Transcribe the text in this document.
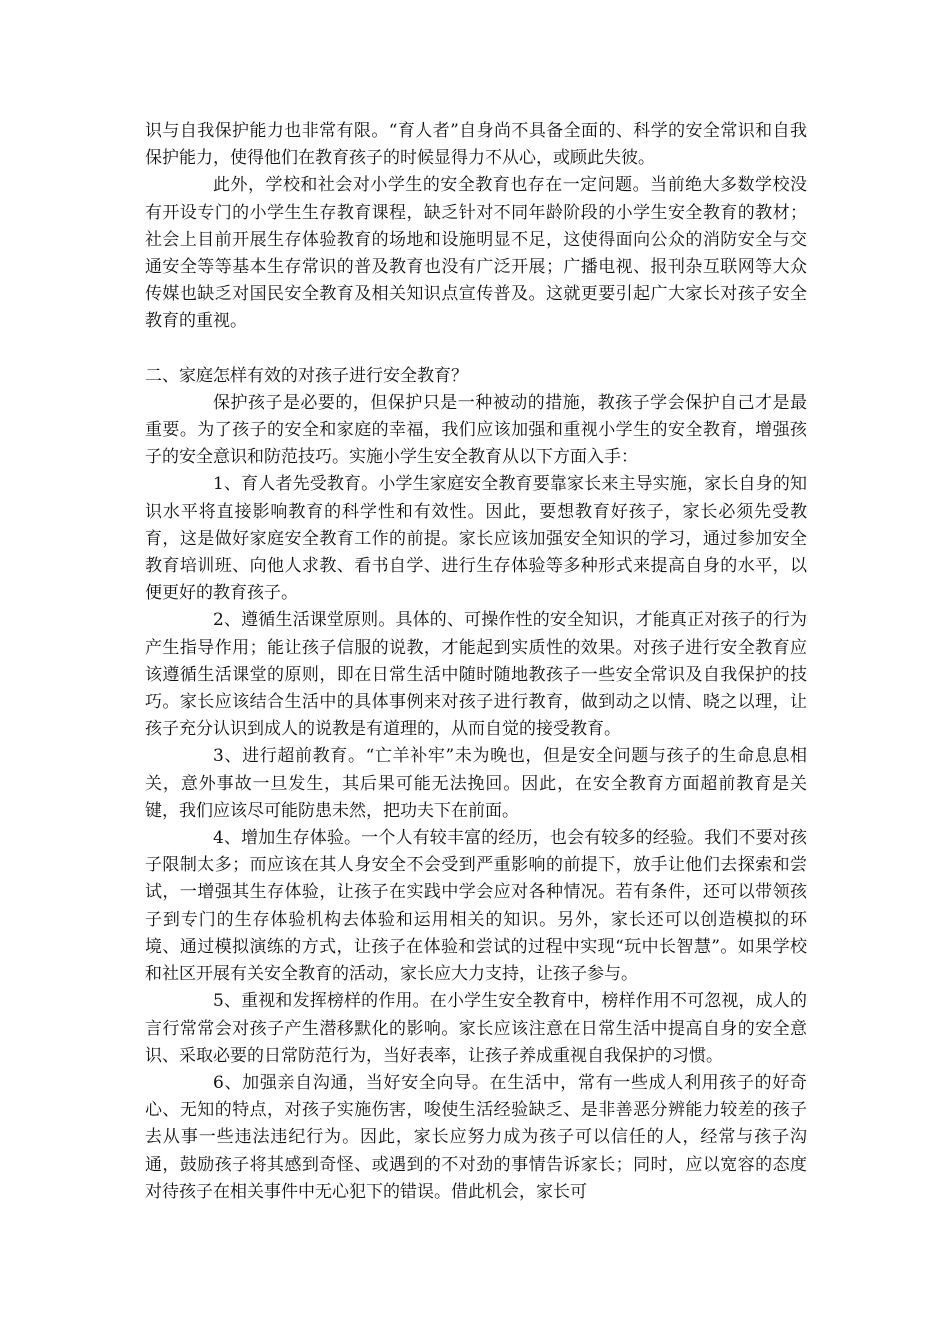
识与自我保护能力也非常有限。“育人者”自身尚不具备全面的、科学的安全常识和自我保护能力，使得他们在教育孩子的时候显得力不从心，或顾此失彼。

此外，学校和社会对小学生的安全教育也存在一定问题。当前绝大多数学校没有开设专门的小学生生存教育课程，缺乏针对不同年龄阶段的小学生安全教育的教材；社会上目前开展生存体验教育的场地和设施明显不足，这使得面向公众的消防安全与交通安全等等基本生存常识的普及教育也没有广泛开展；广播电视、报刊杂互联网等大众传媒也缺乏对国民安全教育及相关知识点宣传普及。这就更要引起广大家长对孩子安全教育的重视。

二、家庭怎样有效的对孩子进行安全教育？

保护孩子是必要的，但保护只是一种被动的措施，教孩子学会保护自己才是最重要。为了孩子的安全和家庭的幸福，我们应该加强和重视小学生的安全教育，增强孩子的安全意识和防范技巧。实施小学生安全教育从以下方面入手：

1、育人者先受教育。小学生家庭安全教育要靠家长来主导实施，家长自身的知识水平将直接影响教育的科学性和有效性。因此，要想教育好孩子，家长必须先受教育，这是做好家庭安全教育工作的前提。家长应该加强安全知识的学习，通过参加安全教育培训班、向他人求教、看书自学、进行生存体验等多种形式来提高自身的水平，以便更好的教育孩子。

2、遵循生活课堂原则。具体的、可操作性的安全知识，才能真正对孩子的行为产生指导作用；能让孩子信服的说教，才能起到实质性的效果。对孩子进行安全教育应该遵循生活课堂的原则，即在日常生活中随时随地教孩子一些安全常识及自我保护的技巧。家长应该结合生活中的具体事例来对孩子进行教育，做到动之以情、晓之以理，让孩子充分认识到成人的说教是有道理的，从而自觉的接受教育。

3、进行超前教育。“亡羊补牢”未为晚也，但是安全问题与孩子的生命息息相关，意外事故一旦发生，其后果可能无法挽回。因此，在安全教育方面超前教育是关键，我们应该尽可能防患未然，把功夫下在前面。

4、增加生存体验。一个人有较丰富的经历，也会有较多的经验。我们不要对孩子限制太多；而应该在其人身安全不会受到严重影响的前提下，放手让他们去探索和尝试，一增强其生存体验，让孩子在实践中学会应对各种情况。若有条件，还可以带领孩子到专门的生存体验机构去体验和运用相关的知识。另外，家长还可以创造模拟的环境、通过模拟演练的方式，让孩子在体验和尝试的过程中实现“玩中长智慧”。如果学校和社区开展有关安全教育的活动，家长应大力支持，让孩子参与。

5、重视和发挥榜样的作用。在小学生安全教育中，榜样作用不可忽视，成人的言行常常会对孩子产生潜移默化的影响。家长应该注意在日常生活中提高自身的安全意识、采取必要的日常防范行为，当好表率，让孩子养成重视自我保护的习惯。

6、加强亲自沟通，当好安全向导。在生活中，常有一些成人利用孩子的好奇心、无知的特点，对孩子实施伤害，唆使生活经验缺乏、是非善恶分辨能力较差的孩子去从事一些违法违纪行为。因此，家长应努力成为孩子可以信任的人，经常与孩子沟通，鼓励孩子将其感到奇怪、或遇到的不对劲的事情告诉家长；同时，应以宽容的态度对待孩子在相关事件中无心犯下的错误。借此机会，家长可
